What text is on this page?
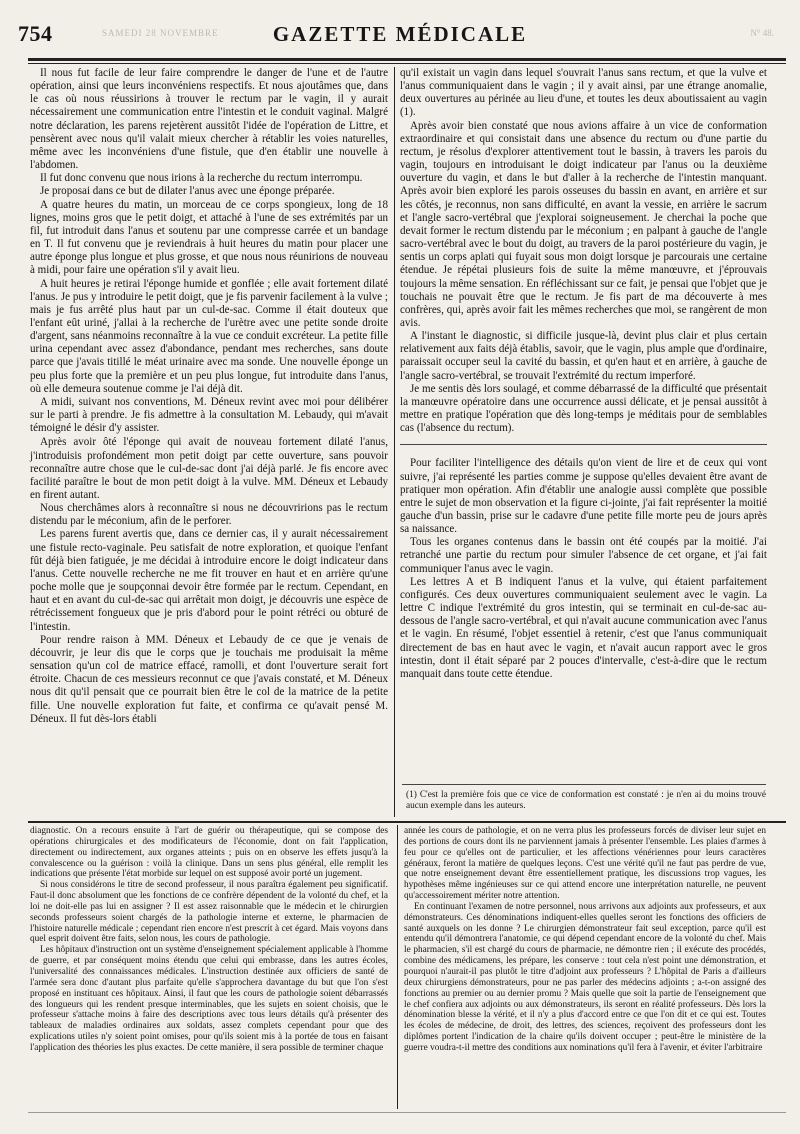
754	SAMEDI 28 NOVEMBRE	N° 48.
GAZETTE MÉDICALE

Il nous fut facile de leur faire comprendre le danger de l'une et de l'autre opération, ainsi que leurs inconvéniens respectifs. Et nous ajoutâmes que, dans le cas où nous réussirions à trouver le rectum par le vagin, il y aurait nécessairement une communication entre l'intestin et le conduit vaginal. Malgré notre déclaration, les parens rejetèrent aussitôt l'idée de l'opération de Littre, et pensèrent avec nous qu'il valait mieux chercher à rétablir les voies naturelles, même avec les inconvéniens d'une fistule, que d'en établir une nouvelle à l'abdomen.

Il fut donc convenu que nous irions à la recherche du rectum interrompu.

Je proposai dans ce but de dilater l'anus avec une éponge préparée.

A quatre heures du matin, un morceau de ce corps spongieux, long de 18 lignes, moins gros que le petit doigt, et attaché à l'une de ses extrémités par un fil, fut introduit dans l'anus et soutenu par une compresse carrée et un bandage en T. Il fut convenu que je reviendrais à huit heures du matin pour placer une autre éponge plus longue et plus grosse, et que nous nous réunirions de nouveau à midi, pour faire une opération s'il y avait lieu.

A huit heures je retirai l'éponge humide et gonflée ; elle avait fortement dilaté l'anus. Je pus y introduire le petit doigt, que je fis parvenir facilement à la vulve ; mais je fus arrêté plus haut par un cul-de-sac. Comme il était douteux que l'enfant eût uriné, j'allai à la recherche de l'urètre avec une petite sonde droite d'argent, sans néanmoins reconnaître à la vue ce conduit excréteur. La petite fille urina cependant avec assez d'abondance, pendant mes recherches, sans doute parce que j'avais titillé le méat urinaire avec ma sonde. Une nouvelle éponge un peu plus forte que la première et un peu plus longue, fut introduite dans l'anus, où elle demeura soutenue comme je l'ai déjà dit.

A midi, suivant nos conventions, M. Déneux revint avec moi pour délibérer sur le parti à prendre. Je fis admettre à la consultation M. Lebaudy, qui m'avait témoigné le désir d'y assister.

Après avoir ôté l'éponge qui avait de nouveau fortement dilaté l'anus, j'introduisis profondément mon petit doigt par cette ouverture, sans pouvoir reconnaître autre chose que le cul-de-sac dont j'ai déjà parlé. Je fis encore avec facilité paraître le bout de mon petit doigt à la vulve. MM. Déneux et Lebaudy en firent autant.

Nous cherchâmes alors à reconnaître si nous ne découvririons pas le rectum distendu par le méconium, afin de le perforer.

Les parens furent avertis que, dans ce dernier cas, il y aurait nécessairement une fistule recto-vaginale. Peu satisfait de notre exploration, et quoique l'enfant fût déjà bien fatiguée, je me décidai à introduire encore le doigt indicateur dans l'anus. Cette nouvelle recherche ne me fit trouver en haut et en arrière qu'une poche molle que je soupçonnai devoir être formée par le rectum. Cependant, en haut et en avant du cul-de-sac qui arrêtait mon doigt, je découvris une espèce de rétrécissement fongueux que je pris d'abord pour le point rétréci ou obturé de l'intestin.

Pour rendre raison à MM. Déneux et Lebaudy de ce que je venais de découvrir, je leur dis que le corps que je touchais me produisait la même sensation qu'un col de matrice effacé, ramolli, et dont l'ouverture serait fort étroite. Chacun de ces messieurs reconnut ce que j'avais constaté, et M. Déneux nous dit qu'il pensait que ce pourrait bien être le col de la matrice de la petite fille. Une nouvelle exploration fut faite, et confirma ce qu'avait pensé M. Déneux. Il fut dès-lors établi

qu'il existait un vagin dans lequel s'ouvrait l'anus sans rectum, et que la vulve et l'anus communiquaient dans le vagin ; il y avait ainsi, par une étrange anomalie, deux ouvertures au périnée au lieu d'une, et toutes les deux aboutissaient au vagin (1).

Après avoir bien constaté que nous avions affaire à un vice de conformation extraordinaire et qui consistait dans une absence du rectum ou d'une partie du rectum, je résolus d'explorer attentivement tout le bassin, à travers les parois du vagin, toujours en introduisant le doigt indicateur par l'anus ou la deuxième ouverture du vagin, et dans le but d'aller à la recherche de l'intestin manquant. Après avoir bien exploré les parois osseuses du bassin en avant, en arrière et sur les côtés, je reconnus, non sans difficulté, en avant la vessie, en arrière le sacrum et l'angle sacro-vertébral que j'explorai soigneusement. Je cherchai la poche que devait former le rectum distendu par le méconium ; en palpant à gauche de l'angle sacro-vertébral avec le bout du doigt, au travers de la paroi postérieure du vagin, je sentis un corps aplati qui fuyait sous mon doigt lorsque je parcourais une certaine étendue. Je répétai plusieurs fois de suite la même manœuvre, et j'éprouvais toujours la même sensation. En réfléchissant sur ce fait, je pensai que l'objet que je touchais ne pouvait être que le rectum. Je fis part de ma découverte à mes confrères, qui, après avoir fait les mêmes recherches que moi, se rangèrent de mon avis.

A l'instant le diagnostic, si difficile jusque-là, devint plus clair et plus certain relativement aux faits déjà établis, savoir, que le vagin, plus ample que d'ordinaire, paraissait occuper seul la cavité du bassin, et qu'en haut et en arrière, à gauche de l'angle sacro-vertébral, se trouvait l'extrémité du rectum imperforé.

Je me sentis dès lors soulagé, et comme débarrassé de la difficulté que présentait la manœuvre opératoire dans une occurrence aussi délicate, et je pensai aussitôt à mettre en pratique l'opération que dès long-temps je méditais pour de semblables cas (l'absence du rectum).

Pour faciliter l'intelligence des détails qu'on vient de lire et de ceux qui vont suivre, j'ai représenté les parties comme je suppose qu'elles devaient être avant de pratiquer mon opération. Afin d'établir une analogie aussi complète que possible entre le sujet de mon observation et la figure ci-jointe, j'ai fait représenter la moitié gauche d'un bassin, prise sur le cadavre d'une petite fille morte peu de jours après sa naissance.

Tous les organes contenus dans le bassin ont été coupés par la moitié. J'ai retranché une partie du rectum pour simuler l'absence de cet organe, et j'ai fait communiquer l'anus avec le vagin.

Les lettres A et B indiquent l'anus et la vulve, qui étaient parfaitement configurés. Ces deux ouvertures communiquaient seulement avec le vagin. La lettre C indique l'extrémité du gros intestin, qui se terminait en cul-de-sac au-dessous de l'angle sacro-vertébral, et qui n'avait aucune communication avec l'anus et le vagin. En résumé, l'objet essentiel à retenir, c'est que l'anus communiquait directement de bas en haut avec le vagin, et n'avait aucun rapport avec le gros intestin, dont il était séparé par 2 pouces d'intervalle, c'est-à-dire que le rectum manquait dans toute cette étendue.

(1) C'est la première fois que ce vice de conformation est constaté : je n'en ai du moins trouvé aucun exemple dans les auteurs.

diagnostic. On a recours ensuite à l'art de guérir ou thérapeutique, qui se compose des opérations chirurgicales et des modificateurs de l'économie, dont on fait l'application, directement ou indirectement, aux organes atteints ; puis on en observe les effets jusqu'à la convalescence ou la guérison : voilà la clinique. Dans un sens plus général, elle remplit les indications que présente l'état morbide sur lequel on est supposé avoir porté un jugement.

Si nous considérons le titre de second professeur, il nous paraîtra également peu significatif. Faut-il donc absolument que les fonctions de ce confrère dépendent de la volonté du chef, et la loi ne doit-elle pas lui en assigner ? Il est assez raisonnable que le médecin et le chirurgien seconds professeurs soient chargés de la pathologie interne et externe, le pharmacien de l'histoire naturelle médicale ; cependant rien encore n'est prescrit à cet égard. Mais voyons dans quel esprit doivent être faits, selon nous, les cours de pathologie.

Les hôpitaux d'instruction ont un système d'enseignement spécialement applicable à l'homme de guerre, et par conséquent moins étendu que celui qui embrasse, dans les autres écoles, l'universalité des connaissances médicales. L'instruction destinée aux officiers de santé de l'armée sera donc d'autant plus parfaite qu'elle s'approchera davantage du but que l'on s'est proposé en instituant ces hôpitaux. Ainsi, il faut que les cours de pathologie soient débarrassés des longueurs qui les rendent presque interminables, que les sujets en soient choisis, que le professeur s'attache moins à faire des descriptions avec tous leurs détails qu'à présenter des tableaux de maladies ordinaires aux soldats, assez complets cependant pour que des explications utiles n'y soient point omises, pour qu'ils soient mis à la portée de tous en faisant l'application des théories les plus exactes. De cette manière, il sera possible de terminer chaque

année les cours de pathologie, et on ne verra plus les professeurs forcés de diviser leur sujet en des portions de cours dont ils ne parviennent jamais à présenter l'ensemble. Les plaies d'armes à feu pour ce qu'elles ont de particulier, et les affections vénériennes pour leurs caractères généraux, feront la matière de quelques leçons. C'est une vérité qu'il ne faut pas perdre de vue, que notre enseignement devant être essentiellement pratique, les discussions trop vagues, les hypothèses même ingénieuses sur ce qui attend encore une interprétation naturelle, ne peuvent qu'accessoirement mériter notre attention.

En continuant l'examen de notre personnel, nous arrivons aux adjoints aux professeurs, et aux démonstrateurs. Ces dénominations indiquent-elles quelles seront les fonctions des officiers de santé auxquels on les donne ? Le chirurgien démonstrateur fait seul exception, parce qu'il est entendu qu'il démontrera l'anatomie, ce qui dépend cependant encore de la volonté du chef. Mais le pharmacien, s'il est chargé du cours de pharmacie, ne démontre rien ; il exécute des procédés, combine des médicamens, les prépare, les conserve : tout cela n'est point une démonstration, et pourquoi n'aurait-il pas plutôt le titre d'adjoint aux professeurs ? L'hôpital de Paris a d'ailleurs deux chirurgiens démonstrateurs, pour ne pas parler des médecins adjoints ; a-t-on assigné des fonctions au premier ou au dernier promu ? Mais quelle que soit la partie de l'enseignement que le chef confiera aux adjoints ou aux démonstrateurs, ils seront en réalité professeurs. Dès lors la dénomination blesse la vérité, et il n'y a plus d'accord entre ce que l'on dit et ce qui est. Toutes les écoles de médecine, de droit, des lettres, des sciences, reçoivent des professeurs dont les diplômes portent l'indication de la chaire qu'ils doivent occuper ; peut-être le ministère de la guerre voudra-t-il mettre des conditions aux nominations qu'il fera à l'avenir, et éviter l'arbitraire
